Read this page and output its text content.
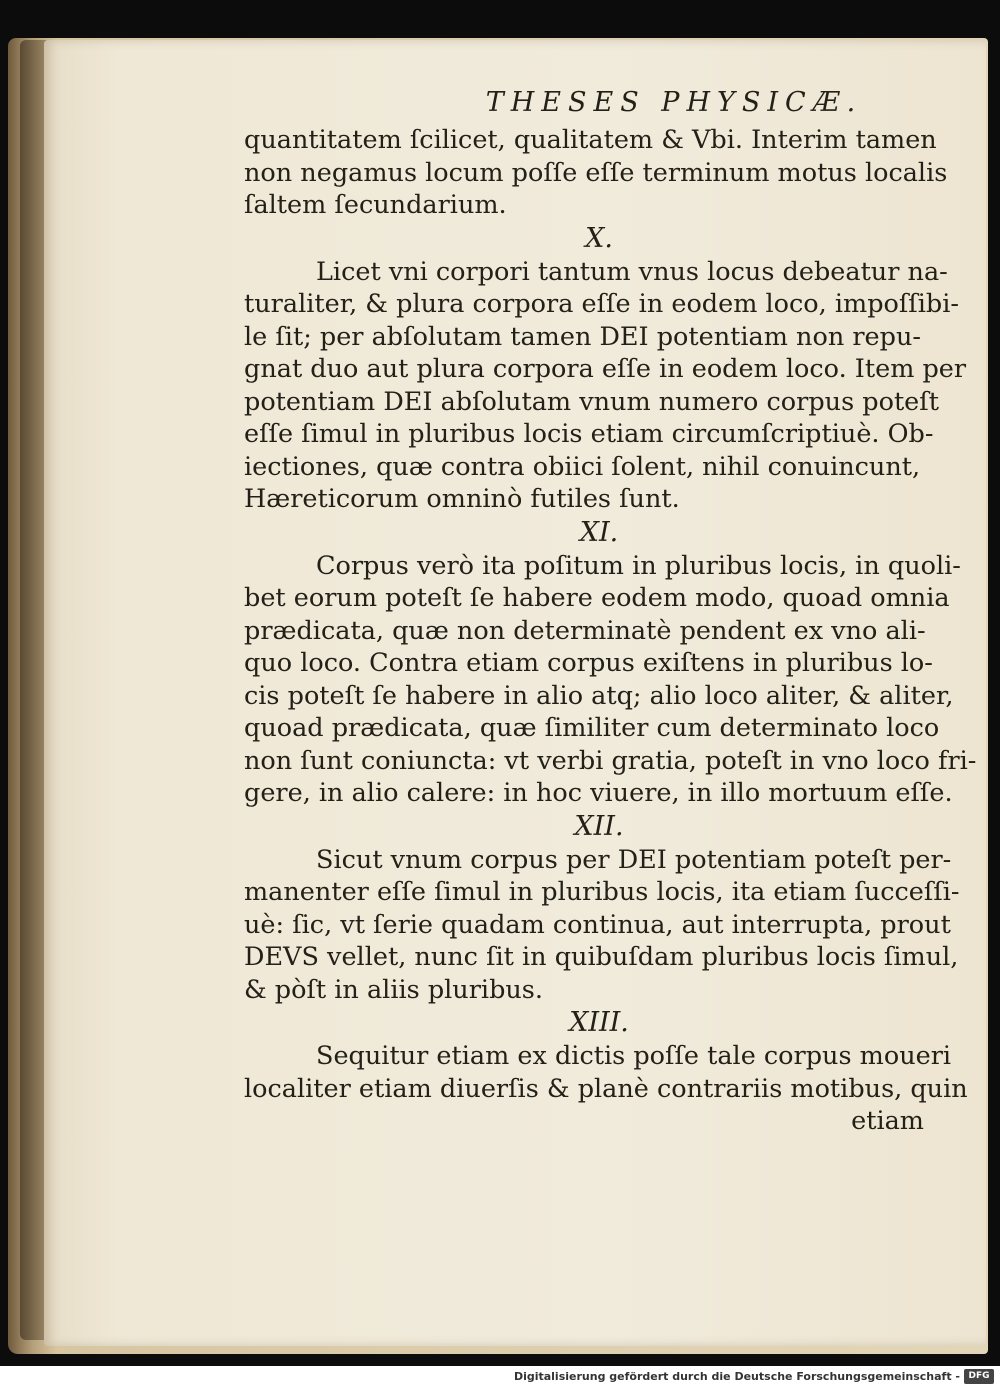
THESES PHYSICÆ.
quantitatem ſcilicet, qualitatem & Vbi. Interim tamen
non negamus locum poſſe eſſe terminum motus localis
ſaltem ſecundarium.
X.
Licet vni corpori tantum vnus locus debeatur na-
turaliter, & plura corpora eſſe in eodem loco, impoſſibi-
le ſit; per abſolutam tamen DEI potentiam non repu-
gnat duo aut plura corpora eſſe in eodem loco. Item per
potentiam DEI abſolutam vnum numero corpus poteſt
eſſe ſimul in pluribus locis etiam circumſcriptiuè. Ob-
iectiones, quæ contra obiici ſolent, nihil conuincunt,
Hæreticorum omninò futiles ſunt.
XI.
Corpus verò ita poſitum in pluribus locis, in quoli-
bet eorum poteſt ſe habere eodem modo, quoad omnia
prædicata, quæ non determinatè pendent ex vno ali-
quo loco. Contra etiam corpus exiſtens in pluribus lo-
cis poteſt ſe habere in alio atq; alio loco aliter, & aliter,
quoad prædicata, quæ ſimiliter cum determinato loco
non ſunt coniuncta: vt verbi gratia, poteſt in vno loco fri-
gere, in alio calere: in hoc viuere, in illo mortuum eſſe.
XII.
Sicut vnum corpus per DEI potentiam poteſt per-
manenter eſſe ſimul in pluribus locis, ita etiam ſucceſſi-
uè: ſic, vt ſerie quadam continua, aut interrupta, prout
DEVS vellet, nunc ſit in quibuſdam pluribus locis ſimul,
& pòſt in aliis pluribus.
XIII.
Sequitur etiam ex dictis poſſe tale corpus moueri
localiter etiam diuerſis & planè contrariis motibus, quin
etiam
Digitalisierung gefördert durch die Deutsche Forschungsgemeinschaft - DFG
